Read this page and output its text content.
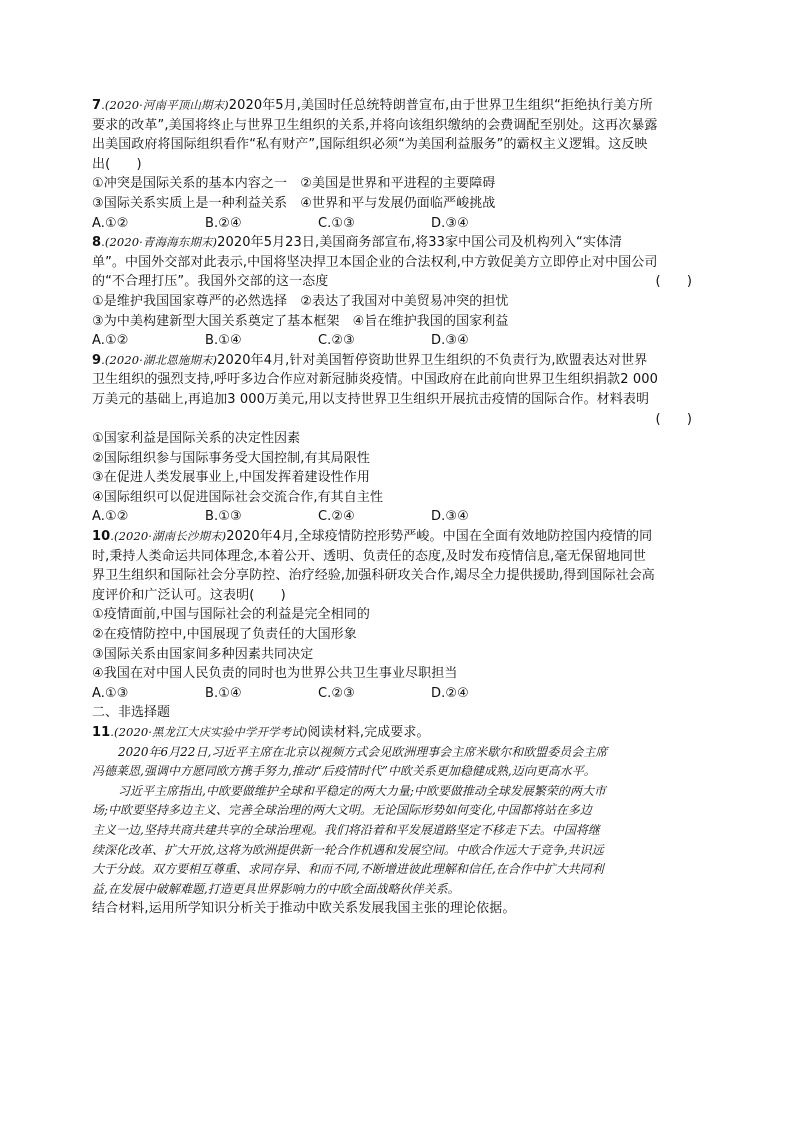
7.(2020·河南平顶山期末)2020年5月,美国时任总统特朗普宣布,由于世界卫生组织“拒绝执行美方所
要求的改革”,美国将终止与世界卫生组织的关系,并将向该组织缴纳的会费调配至别处。这再次暴露
出美国政府将国际组织看作“私有财产”,国际组织必须“为美国利益服务”的霸权主义逻辑。这反映
出(　　)
①冲突是国际关系的基本内容之一　②美国是世界和平进程的主要障碍
③国际关系实质上是一种利益关系　④世界和平与发展仍面临严峻挑战
A.①②	B.②④	C.①③	D.③④
8.(2020·青海海东期末)2020年5月23日,美国商务部宣布,将33家中国公司及机构列入“实体清
单”。中国外交部对此表示,中国将坚决捍卫本国企业的合法权利,中方敦促美方立即停止对中国公司
的“不合理打压”。我国外交部的这一态度	(　　)
①是维护我国国家尊严的必然选择　②表达了我国对中美贸易冲突的担忧
③为中美构建新型大国关系奠定了基本框架　④旨在维护我国的国家利益
A.①②	B.①④	C.②③	D.③④
9.(2020·湖北恩施期末)2020年4月,针对美国暂停资助世界卫生组织的不负责行为,欧盟表达对世界
卫生组织的强烈支持,呼吁多边合作应对新冠肺炎疫情。中国政府在此前向世界卫生组织捐款2 000
万美元的基础上,再追加3 000万美元,用以支持世界卫生组织开展抗击疫情的国际合作。材料表明
(　　)
①国家利益是国际关系的决定性因素
②国际组织参与国际事务受大国控制,有其局限性
③在促进人类发展事业上,中国发挥着建设性作用
④国际组织可以促进国际社会交流合作,有其自主性
A.①②	B.①③	C.②④	D.③④
10.(2020·湖南长沙期末)2020年4月,全球疫情防控形势严峻。中国在全面有效地防控国内疫情的同
时,秉持人类命运共同体理念,本着公开、透明、负责任的态度,及时发布疫情信息,毫无保留地同世
界卫生组织和国际社会分享防控、治疗经验,加强科研攻关合作,竭尽全力提供援助,得到国际社会高
度评价和广泛认可。这表明(　　)
①疫情面前,中国与国际社会的利益是完全相同的
②在疫情防控中,中国展现了负责任的大国形象
③国际关系由国家间多种因素共同决定
④我国在对中国人民负责的同时也为世界公共卫生事业尽职担当
A.①③	B.①④	C.②③	D.②④
二、非选择题
11.(2020·黑龙江大庆实验中学开学考试)阅读材料,完成要求。
2020年6月22日,习近平主席在北京以视频方式会见欧洲理事会主席米歇尔和欧盟委员会主席
冯德莱恩,强调中方愿同欧方携手努力,推动“后疫情时代”中欧关系更加稳健成熟,迈向更高水平。
习近平主席指出,中欧要做维护全球和平稳定的两大力量;中欧要做推动全球发展繁荣的两大市
场;中欧要坚持多边主义、完善全球治理的两大文明。无论国际形势如何变化,中国都将站在多边
主义一边,坚持共商共建共享的全球治理观。我们将沿着和平发展道路坚定不移走下去。中国将继
续深化改革、扩大开放,这将为欧洲提供新一轮合作机遇和发展空间。中欧合作远大于竞争,共识远
大于分歧。双方要相互尊重、求同存异、和而不同,不断增进彼此理解和信任,在合作中扩大共同利
益,在发展中破解难题,打造更具世界影响力的中欧全面战略伙伴关系。
结合材料,运用所学知识分析关于推动中欧关系发展我国主张的理论依据。
